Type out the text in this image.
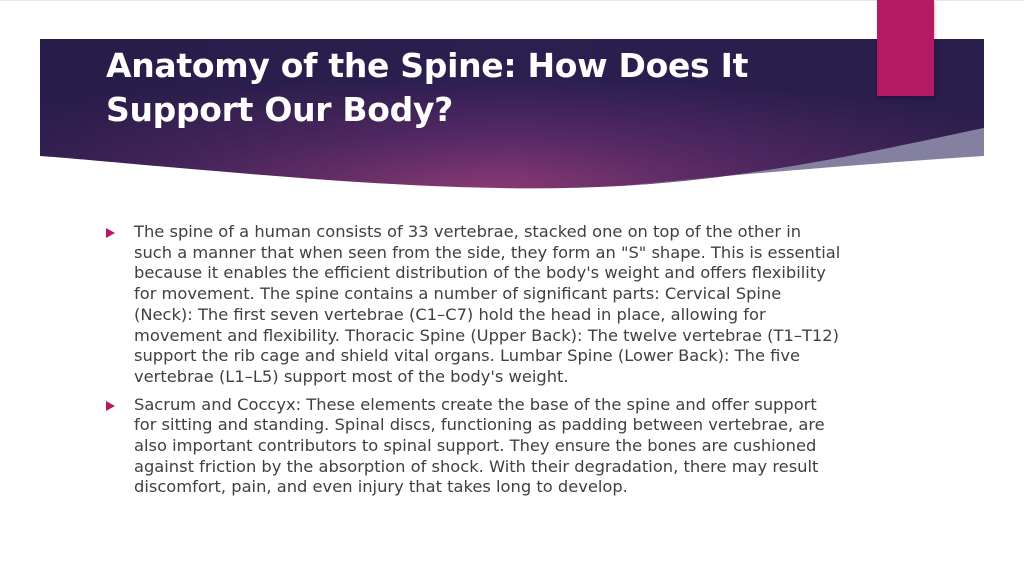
Anatomy of the Spine: How Does It Support Our Body?
The spine of a human consists of 33 vertebrae, stacked one on top of the other in such a manner that when seen from the side, they form an "S" shape. This is essential because it enables the efficient distribution of the body's weight and offers flexibility for movement. The spine contains a number of significant parts: Cervical Spine (Neck): The first seven vertebrae (C1–C7) hold the head in place, allowing for movement and flexibility. Thoracic Spine (Upper Back): The twelve vertebrae (T1–T12) support the rib cage and shield vital organs. Lumbar Spine (Lower Back): The five vertebrae (L1–L5) support most of the body's weight.
Sacrum and Coccyx: These elements create the base of the spine and offer support for sitting and standing. Spinal discs, functioning as padding between vertebrae, are also important contributors to spinal support. They ensure the bones are cushioned against friction by the absorption of shock. With their degradation, there may result discomfort, pain, and even injury that takes long to develop.
